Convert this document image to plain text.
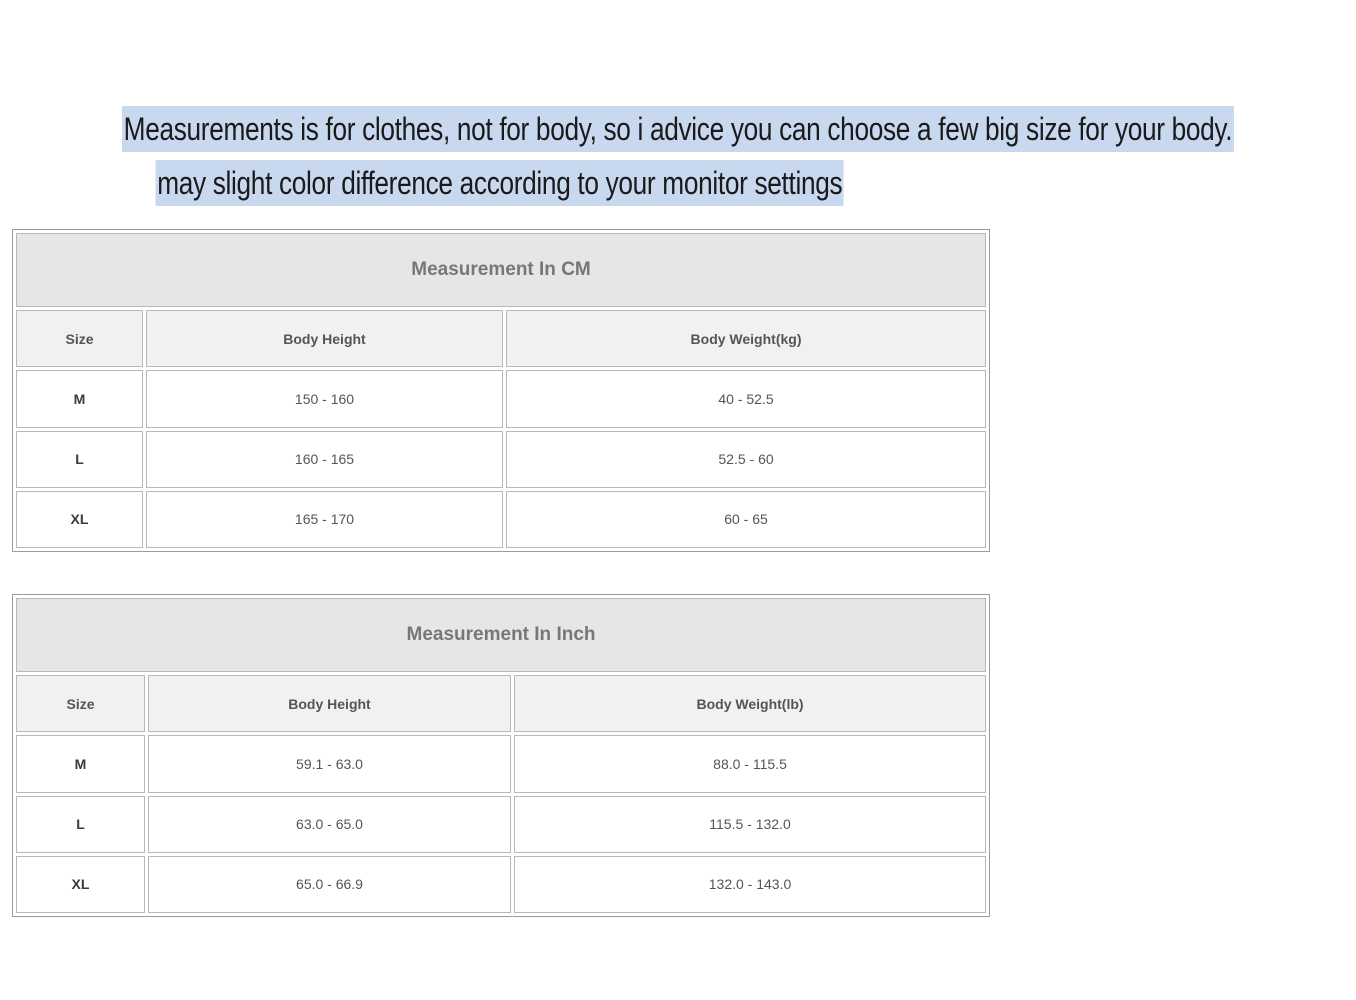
Measurements is for clothes, not for body, so i advice you can choose a few big size for your body.
may slight color difference according to your monitor settings
Measurement In CM		
Size	Body Height	Body Weight(kg)
M	150 - 160	40 - 52.5
L	160 - 165	52.5 - 60
XL	165 - 170	60 - 65
Measurement In Inch		
Size	Body Height	Body Weight(lb)
M	59.1 - 63.0	88.0 - 115.5
L	63.0 - 65.0	115.5 - 132.0
XL	65.0 - 66.9	132.0 - 143.0
